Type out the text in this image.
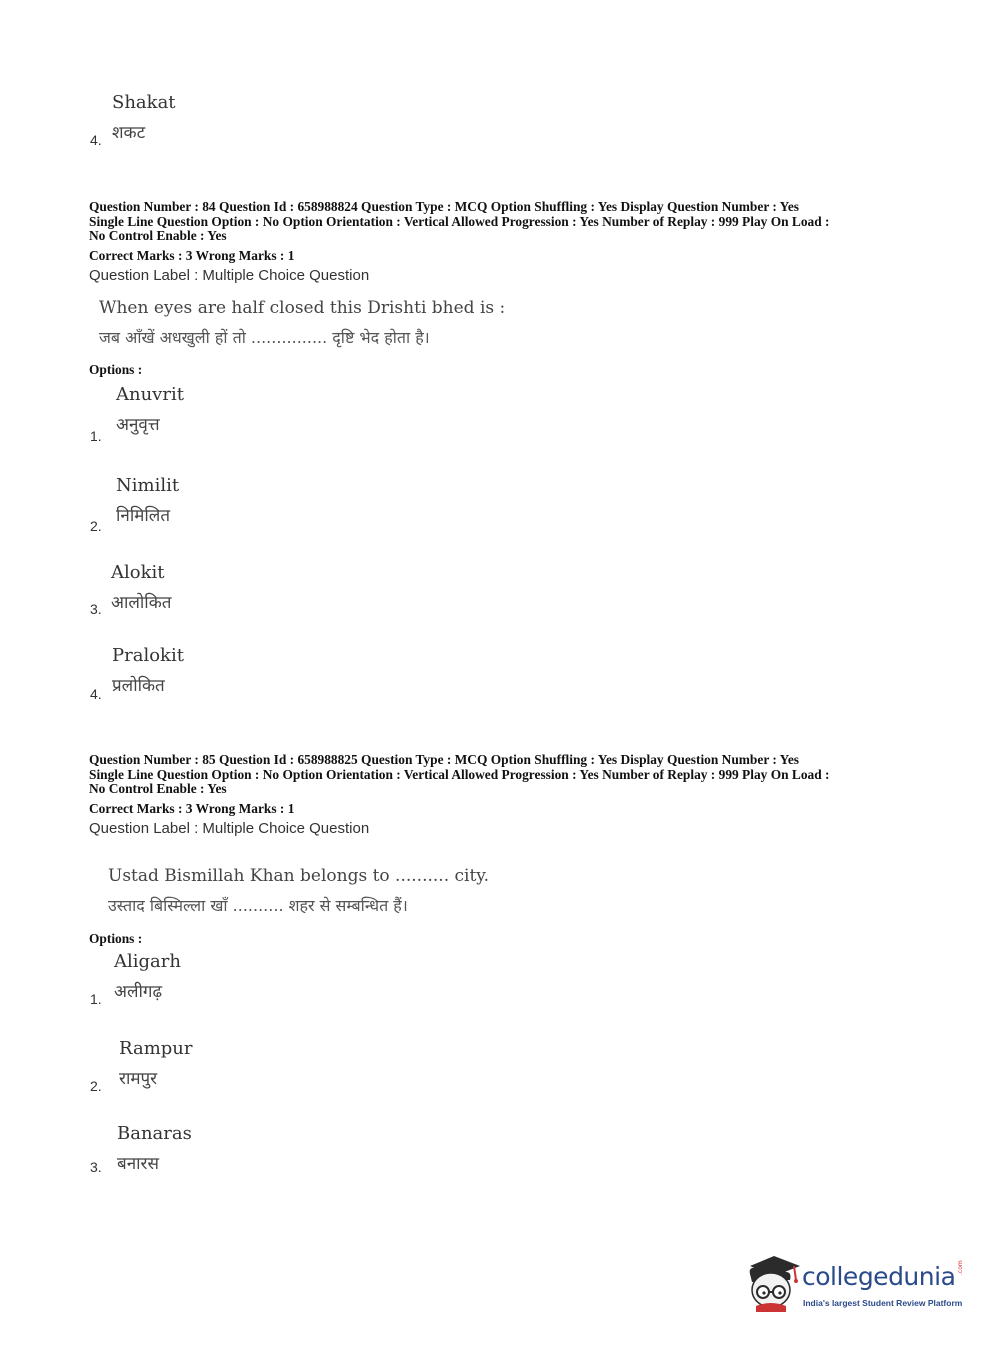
Shakat
शकट
4.
Question Number : 84 Question Id : 658988824 Question Type : MCQ Option Shuffling : Yes Display Question Number : Yes
Single Line Question Option : No Option Orientation : Vertical Allowed Progression : Yes Number of Replay : 999 Play On Load :
No Control Enable : Yes
Correct Marks : 3 Wrong Marks : 1
Question Label : Multiple Choice Question
When eyes are half closed this Drishti bhed is :
जब आँखें अधखुली हों तो ............... दृष्टि भेद होता है।
Options :
Anuvrit
अनुवृत्त
1.
Nimilit
निमिलित
2.
Alokit
आलोकित
3.
Pralokit
प्रलोकित
4.
Question Number : 85 Question Id : 658988825 Question Type : MCQ Option Shuffling : Yes Display Question Number : Yes
Single Line Question Option : No Option Orientation : Vertical Allowed Progression : Yes Number of Replay : 999 Play On Load :
No Control Enable : Yes
Correct Marks : 3 Wrong Marks : 1
Question Label : Multiple Choice Question
Ustad Bismillah Khan belongs to .......... city.
उस्ताद बिस्मिल्ला खाँ .......... शहर से सम्बन्धित हैं।
Options :
Aligarh
अलीगढ़
1.
Rampur
रामपुर
2.
Banaras
बनारस
3.
collegedunia .com
India's largest Student Review Platform
